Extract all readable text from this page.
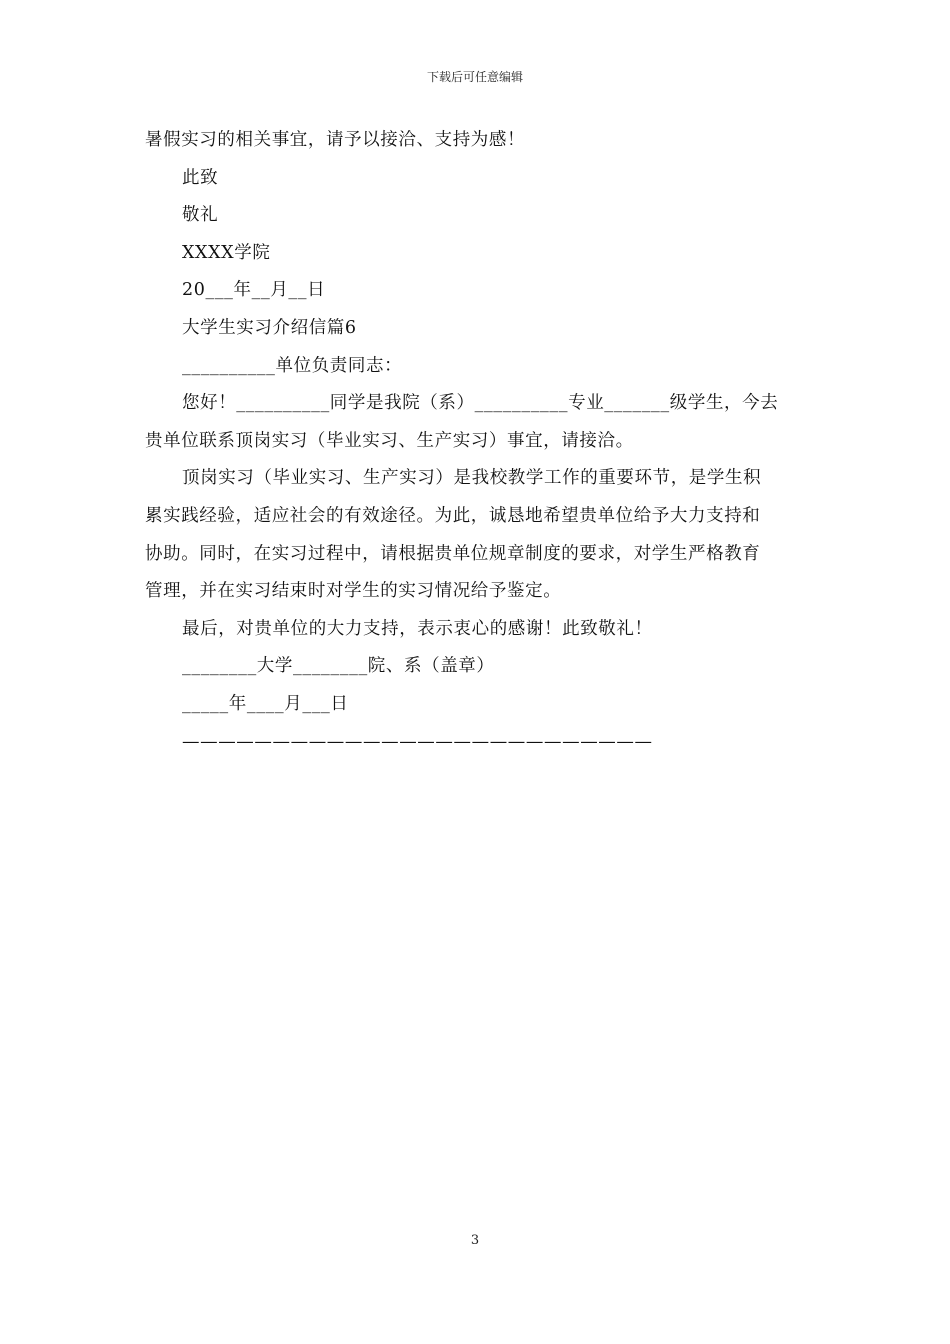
下载后可任意编辑
暑假实习的相关事宜，请予以接洽、支持为感！
此致
敬礼
XXXX学院
20___年__月__日
大学生实习介绍信篇6
__________单位负责同志：
您好！__________同学是我院（系）__________专业_______级学生，今去
贵单位联系顶岗实习（毕业实习、生产实习）事宜，请接洽。
顶岗实习（毕业实习、生产实习）是我校教学工作的重要环节，是学生积
累实践经验，适应社会的有效途径。为此，诚恳地希望贵单位给予大力支持和
协助。同时，在实习过程中，请根据贵单位规章制度的要求，对学生严格教育
管理，并在实习结束时对学生的实习情况给予鉴定。
最后，对贵单位的大力支持，表示衷心的感谢！此致敬礼！
________大学________院、系（盖章）
_____年____月___日
——————————————————————————
3
